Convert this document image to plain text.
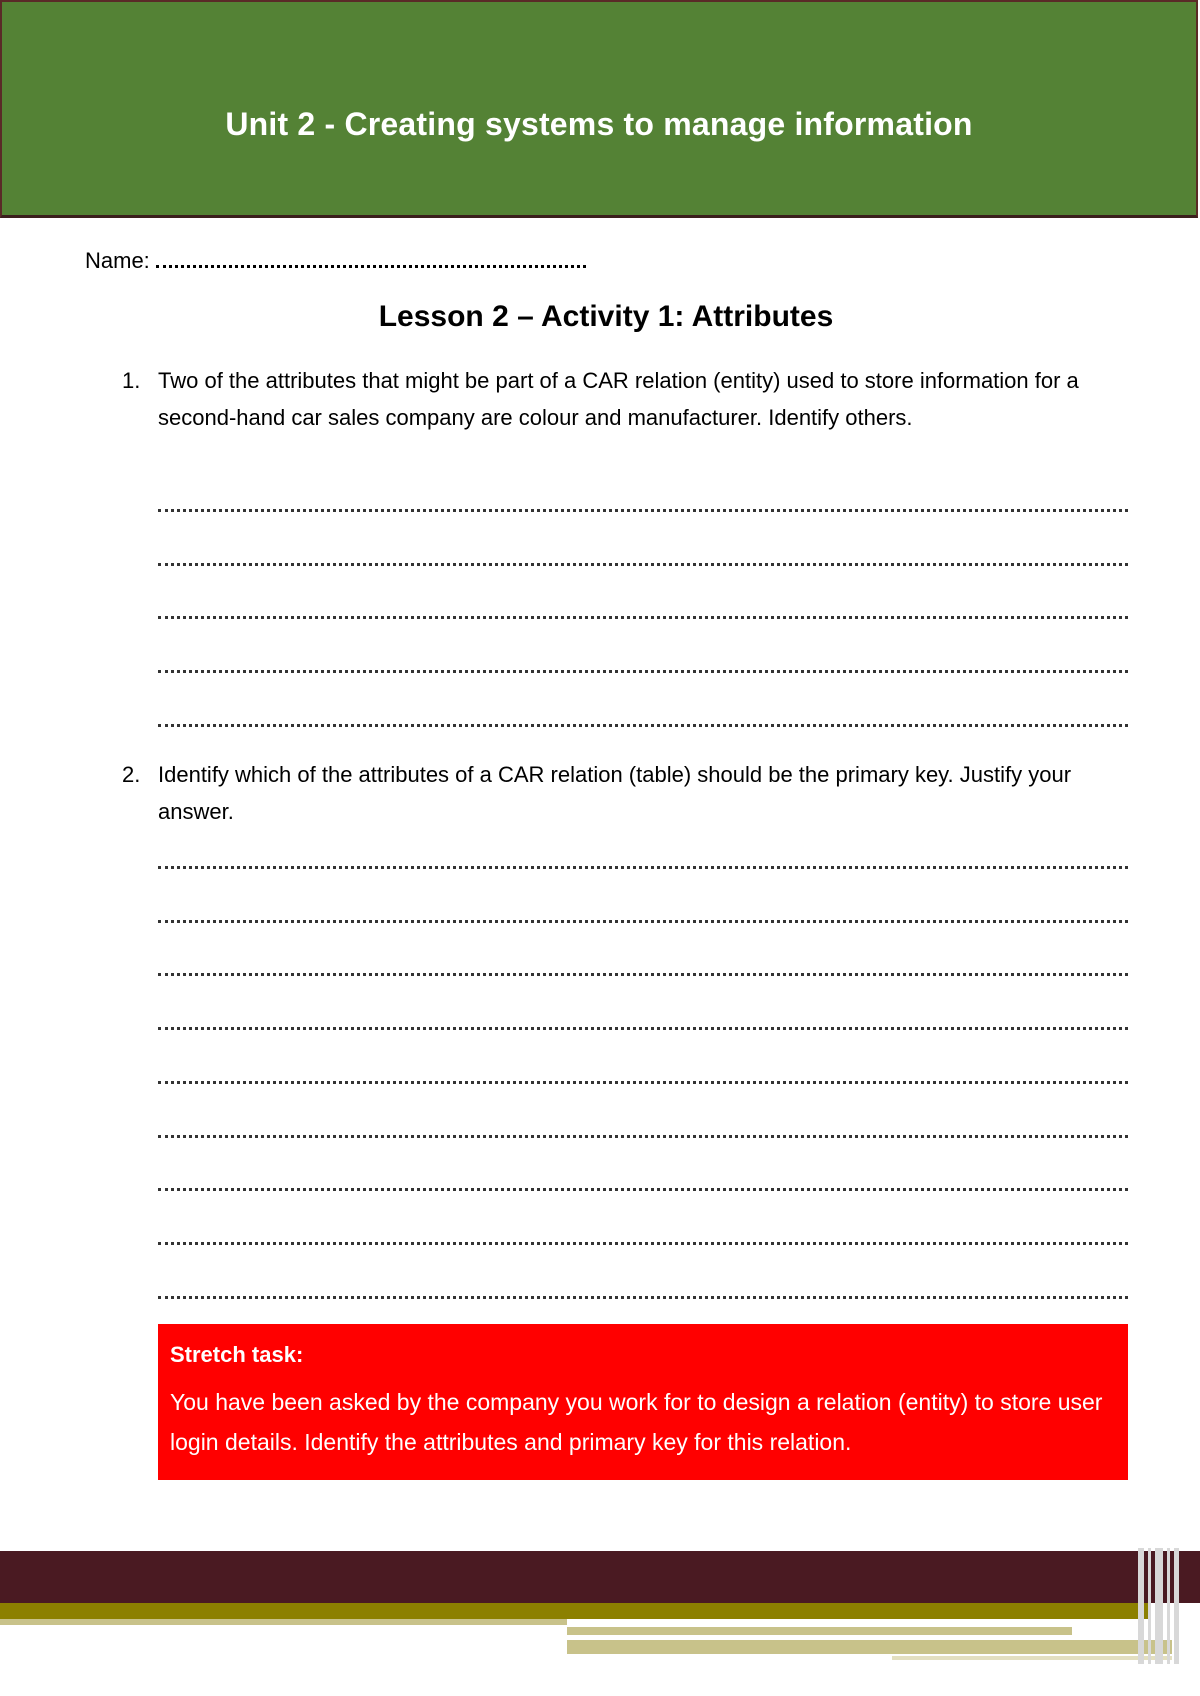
Unit 2 - Creating systems to manage information
Name:
Lesson 2 – Activity 1: Attributes
1. Two of the attributes that might be part of a CAR relation (entity) used to store information for a second-hand car sales company are colour and manufacturer. Identify others.
2. Identify which of the attributes of a CAR relation (table) should be the primary key. Justify your answer.
Stretch task:
You have been asked by the company you work for to design a relation (entity) to store user login details. Identify the attributes and primary key for this relation.
